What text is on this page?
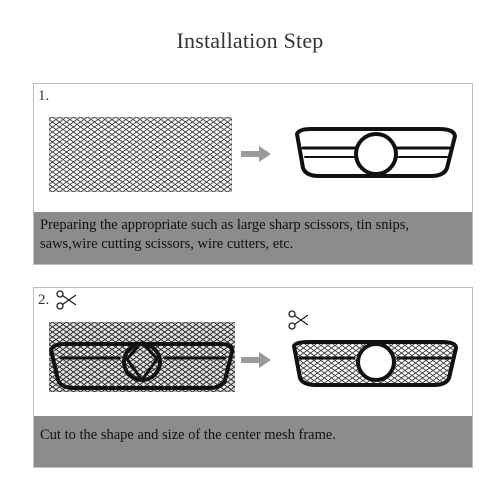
Installation Step
1.
Preparing the appropriate such as large sharp scissors, tin snips, saws,wire cutting scissors, wire cutters, etc.
2.
Cut to the shape and size of the center mesh frame.
